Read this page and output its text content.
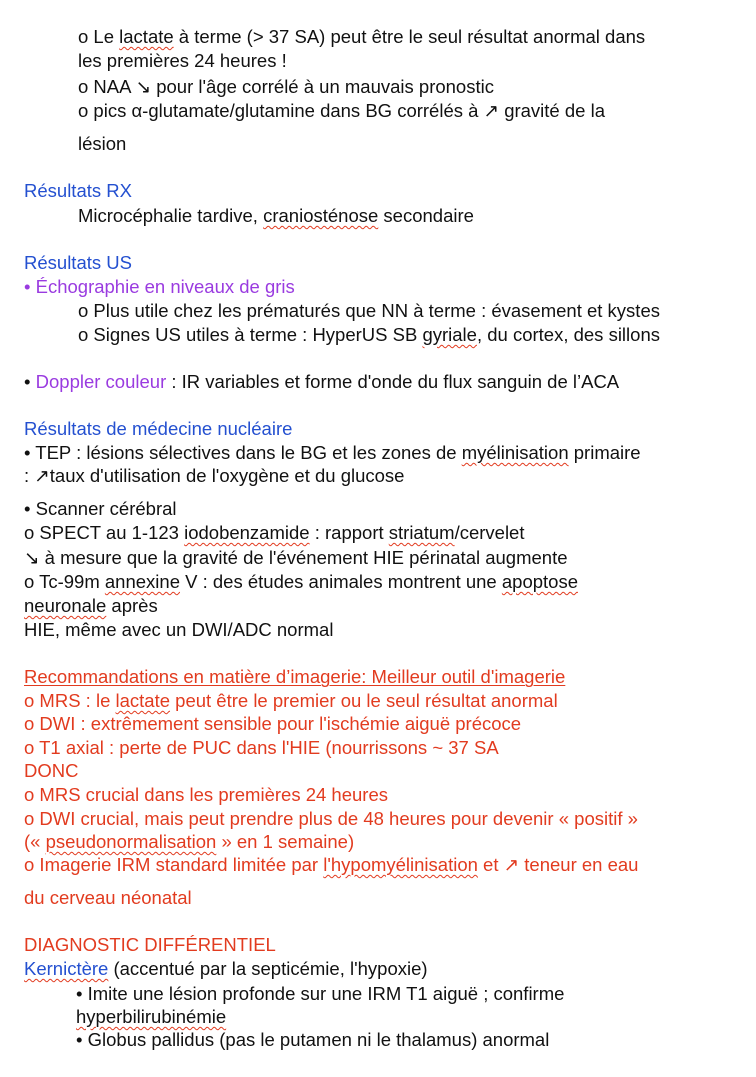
o Le lactate à terme (> 37 SA) peut être le seul résultat anormal dans
les premières 24 heures !
o NAA ↘ pour l'âge corrélé à un mauvais pronostic
o pics α-glutamate/glutamine dans BG corrélés à ↗ gravité de la
lésion
Résultats RX
Microcéphalie tardive, craniosténose secondaire
Résultats US
• Échographie en niveaux de gris
o Plus utile chez les prématurés que NN à terme : évasement et kystes
o Signes US utiles à terme : HyperUS SB gyriale, du cortex, des sillons
• Doppler couleur : IR variables et forme d'onde du flux sanguin de l’ACA
Résultats de médecine nucléaire
• TEP : lésions sélectives dans le BG et les zones de myélinisation primaire
: ↗taux d'utilisation de l'oxygène et du glucose
• Scanner cérébral
o SPECT au 1-123 iodobenzamide : rapport striatum/cervelet
↘ à mesure que la gravité de l'événement HIE périnatal augmente
o Tc-99m annexine V : des études animales montrent une apoptose
neuronale après
HIE, même avec un DWI/ADC normal
Recommandations en matière d’imagerie: Meilleur outil d'imagerie
o MRS : le lactate peut être le premier ou le seul résultat anormal
o DWI : extrêmement sensible pour l'ischémie aiguë précoce
o T1 axial : perte de PUC dans l'HIE (nourrissons ~ 37 SA
DONC
o MRS crucial dans les premières 24 heures
o DWI crucial, mais peut prendre plus de 48 heures pour devenir « positif »
(« pseudonormalisation » en 1 semaine)
o Imagerie IRM standard limitée par l'hypomyélinisation et ↗ teneur en eau
du cerveau néonatal
DIAGNOSTIC DIFFÉRENTIEL
Kernictère (accentué par la septicémie, l'hypoxie)
• Imite une lésion profonde sur une IRM T1 aiguë ; confirme
hyperbilirubinémie
• Globus pallidus (pas le putamen ni le thalamus) anormal
